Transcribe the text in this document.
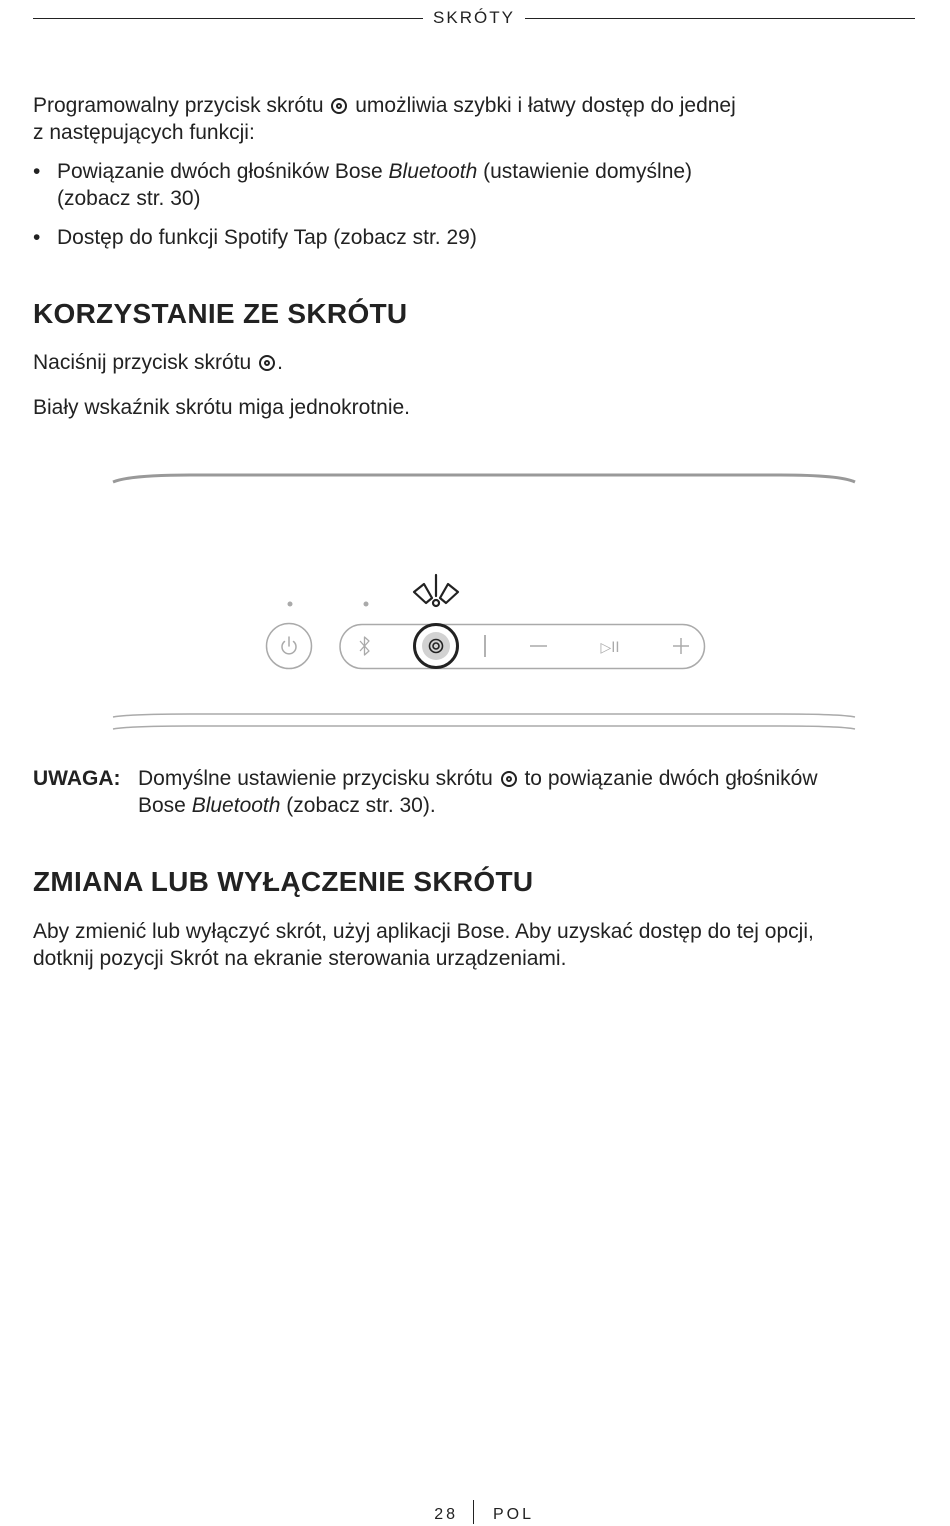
SKRÓTY

Programowalny przycisk skrótu  umożliwia szybki i łatwy dostęp do jednej
z następujących funkcji:

• Powiązanie dwóch głośników Bose Bluetooth (ustawienie domyślne)
(zobacz str. 30)
• Dostęp do funkcji Spotify Tap (zobacz str. 29)
KORZYSTANIE ZE SKRÓTU

Naciśnij przycisk skrótu .

Biały wskaźnik skrótu miga jednokrotnie.

▷II
UWAGA: Domyślne ustawienie przycisku skrótu  to powiązanie dwóch głośników
Bose Bluetooth (zobacz str. 30).
ZMIANA LUB WYŁĄCZENIE SKRÓTU

Aby zmienić lub wyłączyć skrót, użyj aplikacji Bose. Aby uzyskać dostęp do tej opcji,
dotknij pozycji Skrót na ekranie sterowania urządzeniami.

28 POL
